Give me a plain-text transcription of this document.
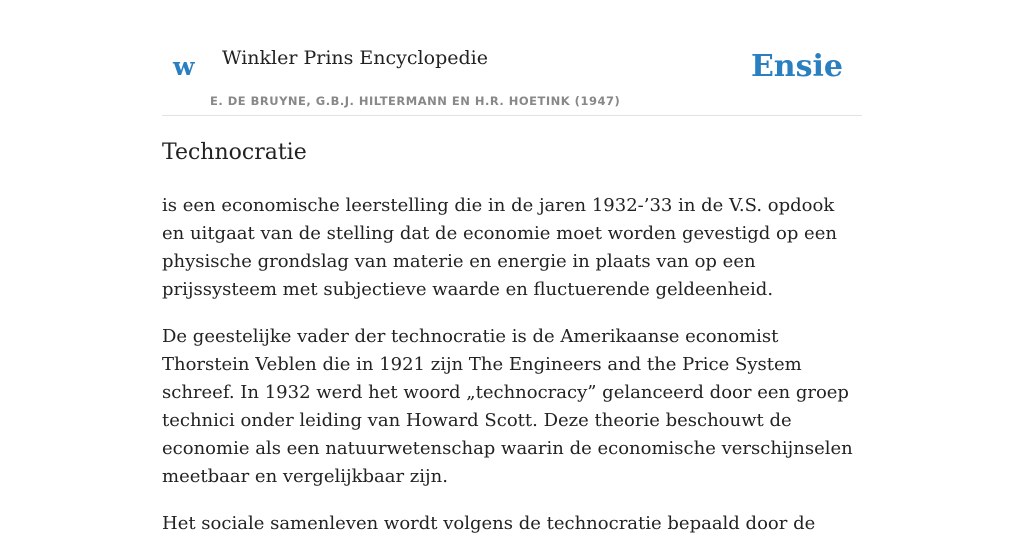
w Winkler Prins Encyclopedie
E. DE BRUYNE, G.B.J. HILTERMANN EN H.R. HOETINK (1947)
Ensie
Technocratie

is een economische leerstelling die in de jaren 1932-’33 in de V.S. opdook en uitgaat van de stelling dat de economie moet worden gevestigd op een physische grondslag van materie en energie in plaats van op een prijssysteem met subjectieve waarde en fluctuerende geldeenheid.

De geestelijke vader der technocratie is de Amerikaanse economist Thorstein Veblen die in 1921 zijn The Engineers and the Price System schreef. In 1932 werd het woord „technocracy” gelanceerd door een groep technici onder leiding van Howard Scott. Deze theorie beschouwt de economie als een natuurwetenschap waarin de economische verschijnselen meetbaar en vergelijkbaar zijn.

Het sociale samenleven wordt volgens de technocratie bepaald door de
